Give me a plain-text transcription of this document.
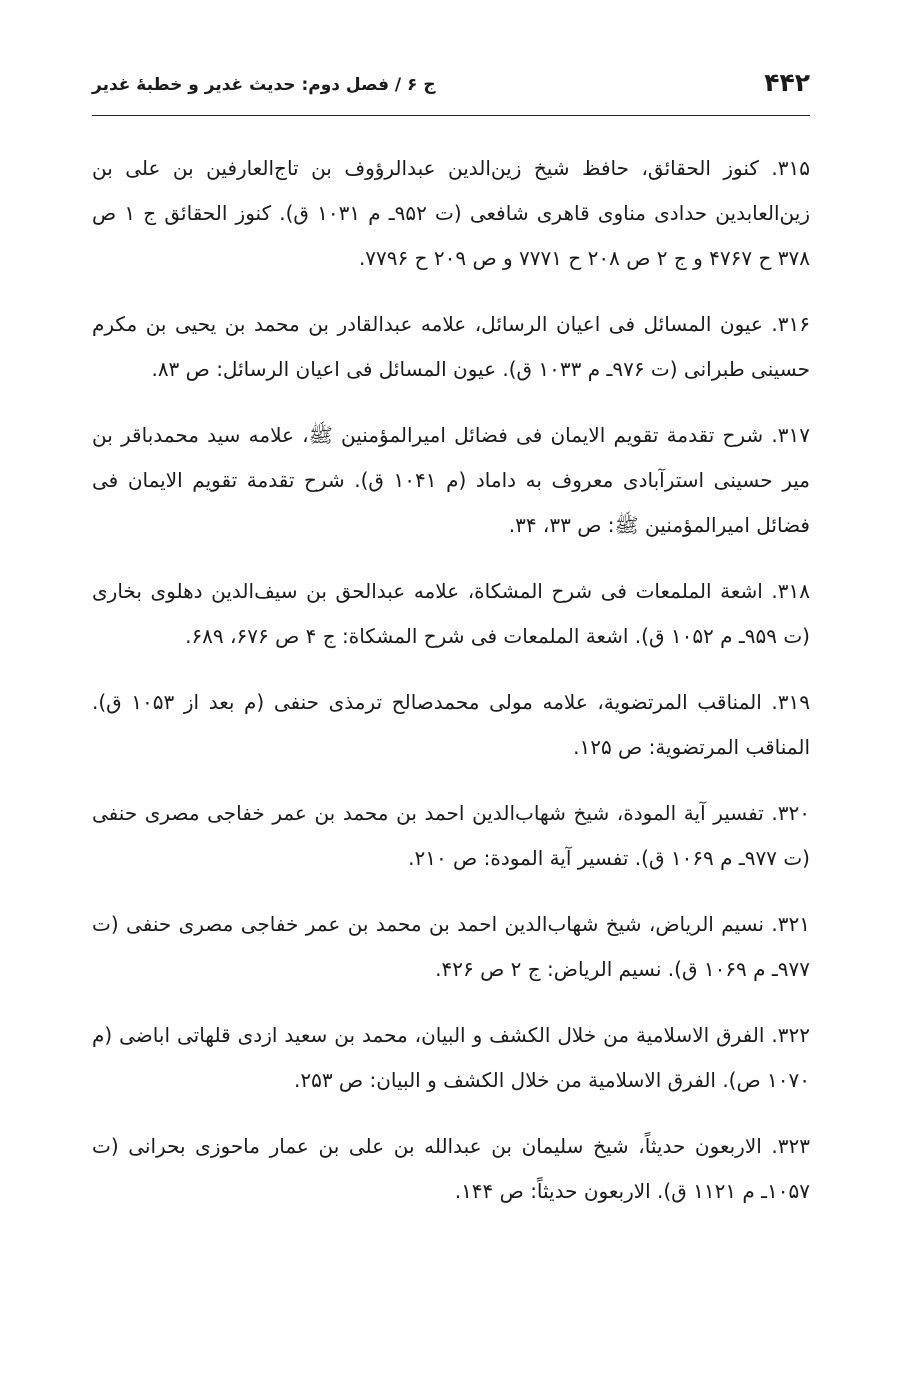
۴۴۲
ج ۶ / فصل دوم: حدیث غدیر و خطبهٔ غدیر

۳۱۵. کنوز الحقائق، حافظ شیخ زین‌الدین عبدالرؤوف بن تاج‌العارفین بن علی بن زین‌العابدین حدادی مناوی قاهری شافعی (ت ۹۵۲ـ م ۱۰۳۱ ق). کنوز الحقائق ج ۱ ص ۳۷۸ ح ۴۷۶۷ و ج ۲ ص ۲۰۸ ح ۷۷۷۱ و ص ۲۰۹ ح ۷۷۹۶.

۳۱۶. عیون المسائل فی اعیان الرسائل، علامه عبدالقادر بن محمد بن یحیی بن مکرم حسینی طبرانی (ت ۹۷۶ـ م ۱۰۳۳ ق). عیون المسائل فی اعیان الرسائل: ص ۸۳.

۳۱۷. شرح تقدمة تقویم الایمان فی فضائل امیرالمؤمنین ﷺ، علامه سید محمدباقر بن میر حسینی استرآبادی معروف به داماد (م ۱۰۴۱ ق). شرح تقدمة تقویم الایمان فی فضائل امیرالمؤمنین ﷺ: ص ۳۳، ۳۴.

۳۱۸. اشعة الملمعات فی شرح المشکاة، علامه عبدالحق بن سیف‌الدین دهلوی بخاری (ت ۹۵۹ـ م ۱۰۵۲ ق). اشعة الملمعات فی شرح المشکاة: ج ۴ ص ۶۷۶، ۶۸۹.

۳۱۹. المناقب المرتضویة، علامه مولی محمدصالح ترمذی حنفی (م بعد از ۱۰۵۳ ق). المناقب المرتضویة: ص ۱۲۵.

۳۲۰. تفسیر آیة المودة، شیخ شهاب‌الدین احمد بن محمد بن عمر خفاجی مصری حنفی (ت ۹۷۷ـ م ۱۰۶۹ ق). تفسیر آیة المودة: ص ۲۱۰.

۳۲۱. نسیم الریاض، شیخ شهاب‌الدین احمد بن محمد بن عمر خفاجی مصری حنفی (ت ۹۷۷ـ م ۱۰۶۹ ق). نسیم الریاض: ج ۲ ص ۴۲۶.

۳۲۲. الفرق الاسلامیة من خلال الکشف و البیان، محمد بن سعید ازدی قلهاتی اباضی (م ۱۰۷۰ ص). الفرق الاسلامیة من خلال الکشف و البیان: ص ۲۵۳.

۳۲۳. الاربعون حدیثاً، شیخ سلیمان بن عبدالله بن علی بن عمار ماحوزی بحرانی (ت ۱۰۵۷ـ م ۱۱۲۱ ق). الاربعون حدیثاً: ص ۱۴۴.
